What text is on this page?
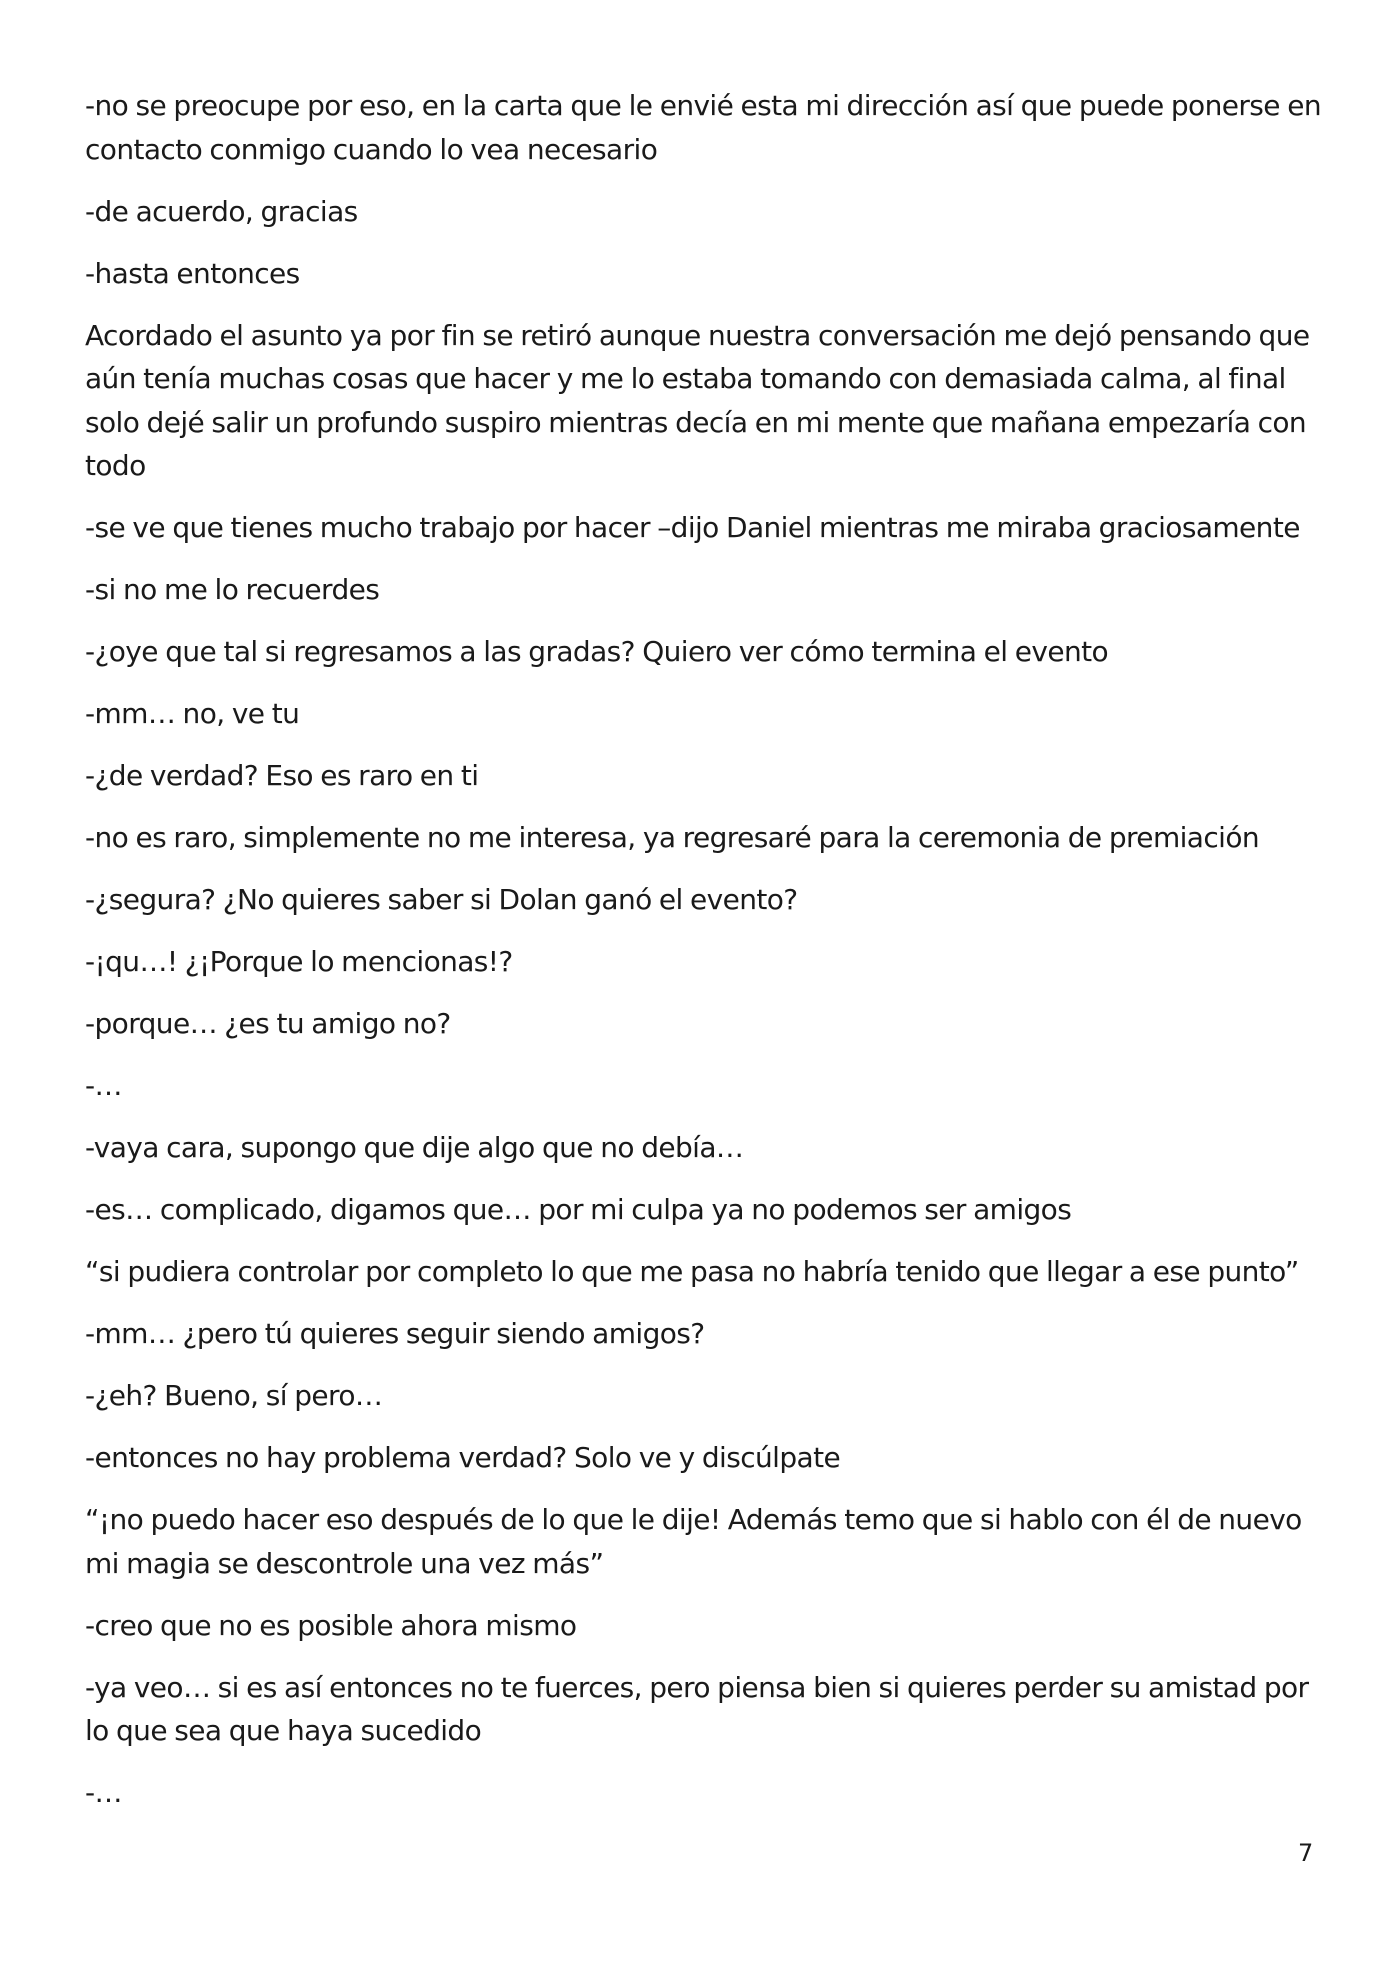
-no se preocupe por eso, en la carta que le envié esta mi dirección así que puede ponerse en contacto conmigo cuando lo vea necesario

-de acuerdo, gracias

-hasta entonces

Acordado el asunto ya por fin se retiró aunque nuestra conversación me dejó pensando que aún tenía muchas cosas que hacer y me lo estaba tomando con demasiada calma, al final solo dejé salir un profundo suspiro mientras decía en mi mente que mañana empezaría con todo

-se ve que tienes mucho trabajo por hacer –dijo Daniel mientras me miraba graciosamente

-si no me lo recuerdes

-¿oye que tal si regresamos a las gradas? Quiero ver cómo termina el evento

-mm… no, ve tu

-¿de verdad? Eso es raro en ti

-no es raro, simplemente no me interesa, ya regresaré para la ceremonia de premiación

-¿segura? ¿No quieres saber si Dolan ganó el evento?

-¡qu…! ¿¡Porque lo mencionas!?

-porque… ¿es tu amigo no?

-…

-vaya cara, supongo que dije algo que no debía…

-es… complicado, digamos que… por mi culpa ya no podemos ser amigos

“si pudiera controlar por completo lo que me pasa no habría tenido que llegar a ese punto”

-mm… ¿pero tú quieres seguir siendo amigos?

-¿eh? Bueno, sí pero…

-entonces no hay problema verdad? Solo ve y discúlpate

“¡no puedo hacer eso después de lo que le dije! Además temo que si hablo con él de nuevo mi magia se descontrole una vez más”

-creo que no es posible ahora mismo

-ya veo… si es así entonces no te fuerces, pero piensa bien si quieres perder su amistad por lo que sea que haya sucedido

-…

7
